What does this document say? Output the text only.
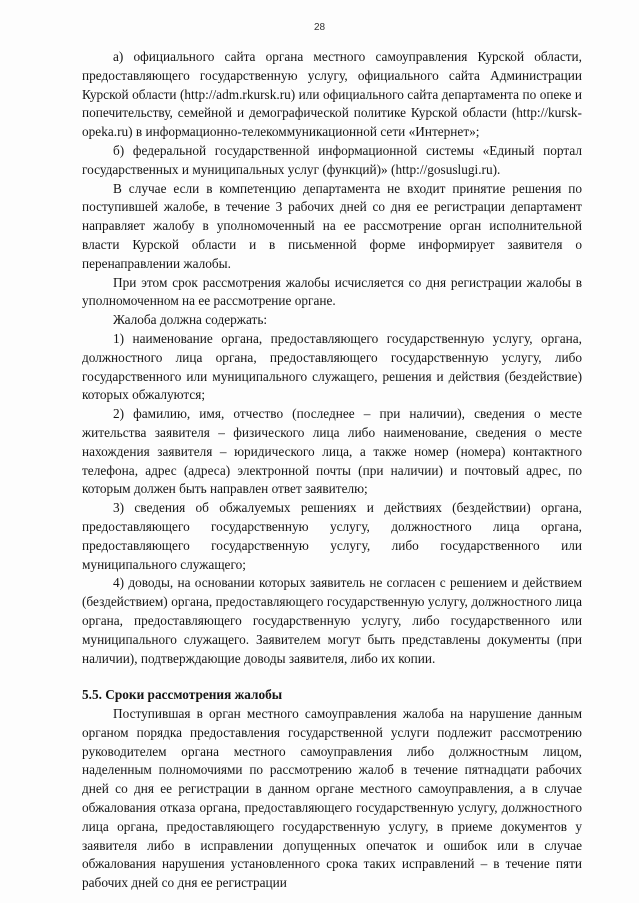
28

а) официального сайта органа местного самоуправления Курской области, предоставляющего государственную услугу, официального сайта Администрации Курской области (http://adm.rkursk.ru) или официального сайта департамента по опеке и попечительству, семейной и демографической политике Курской области (http://kursk-opeka.ru) в информационно-телекоммуникационной сети «Интернет»;

б) федеральной государственной информационной системы «Единый портал государственных и муниципальных услуг (функций)» (http://gosuslugi.ru).

В случае если в компетенцию департамента не входит принятие решения по поступившей жалобе, в течение 3 рабочих дней со дня ее регистрации департамент направляет жалобу в уполномоченный на ее рассмотрение орган исполнительной власти Курской области и в письменной форме информирует заявителя о перенаправлении жалобы.

При этом срок рассмотрения жалобы исчисляется со дня регистрации жалобы в уполномоченном на ее рассмотрение органе.

Жалоба должна содержать:

1) наименование органа, предоставляющего государственную услугу, органа, должностного лица органа, предоставляющего государственную услугу, либо государственного или муниципального служащего, решения и действия (бездействие) которых обжалуются;

2) фамилию, имя, отчество (последнее – при наличии), сведения о месте жительства заявителя – физического лица либо наименование, сведения о месте нахождения заявителя – юридического лица, а также номер (номера) контактного телефона, адрес (адреса) электронной почты (при наличии) и почтовый адрес, по которым должен быть направлен ответ заявителю;

3) сведения об обжалуемых решениях и действиях (бездействии) органа, предоставляющего государственную услугу, должностного лица органа, предоставляющего государственную услугу, либо государственного или муниципального служащего;

4) доводы, на основании которых заявитель не согласен с решением и действием (бездействием) органа, предоставляющего государственную услугу, должностного лица органа, предоставляющего государственную услугу, либо государственного или муниципального служащего. Заявителем могут быть представлены документы (при наличии), подтверждающие доводы заявителя, либо их копии.

5.5. Сроки рассмотрения жалобы

Поступившая в орган местного самоуправления жалоба на нарушение данным органом порядка предоставления государственной услуги подлежит рассмотрению руководителем органа местного самоуправления либо должностным лицом, наделенным полномочиями по рассмотрению жалоб в течение пятнадцати рабочих дней со дня ее регистрации в данном органе местного самоуправления, а в случае обжалования отказа органа, предоставляющего государственную услугу, должностного лица органа, предоставляющего государственную услугу, в приеме документов у заявителя либо в исправлении допущенных опечаток и ошибок или в случае обжалования нарушения установленного срока таких исправлений – в течение пяти рабочих дней со дня ее регистрации
